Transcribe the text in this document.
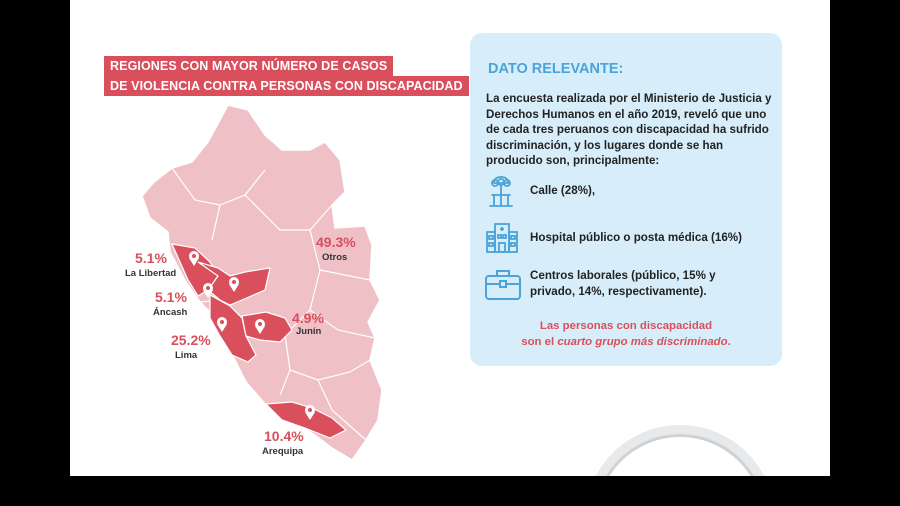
REGIONES CON MAYOR NÚMERO DE CASOS
DE VIOLENCIA CONTRA PERSONAS CON DISCAPACIDAD
5.1%
La Libertad
5.1%
Áncash
25.2%
Lima
4.9%
Junín
10.4%
Arequipa
49.3%
Otros
DATO RELEVANTE:
La encuesta realizada por el Ministerio de Justicia y Derechos Humanos en el año 2019, reveló que uno de cada tres peruanos con discapacidad ha sufrido discriminación, y los lugares donde se han producido son, principalmente:
Calle (28%),
Hospital público o posta médica (16%)
Centros laborales (público, 15% y privado, 14%, respectivamente).
Las personas con discapacidad
son el cuarto grupo más discriminado.
